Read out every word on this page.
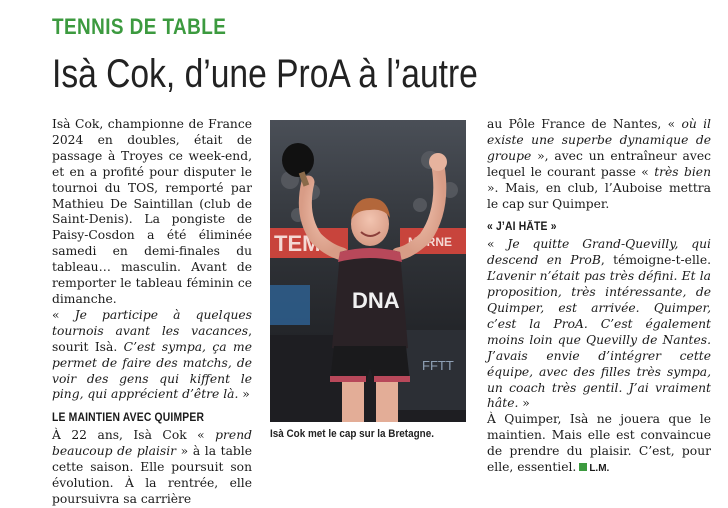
TENNIS DE TABLE
Isà Cok, d’une ProA à l’autre

Isà Cok, championne de France 2024 en doubles, était de passage à Troyes ce week-end, et en a profité pour disputer le tournoi du TOS, remporté par Mathieu De Saintillan (club de Saint-Denis). La pongiste de Paisy-Cosdon a été éliminée samedi en demi-finales du tableau… masculin. Avant de remporter le tableau féminin ce dimanche.

« Je participe à quelques tournois avant les vacances, sourit Isà. C’est sympa, ça me permet de faire des matchs, de voir des gens qui kiffent le ping, qui apprécient d’être là. »

LE MAINTIEN AVEC QUIMPER

À 22 ans, Isà Cok « prend beaucoup de plaisir » à la table cette saison. Elle poursuit son évolution. À la rentrée, elle poursuivra sa carrière

TEM	MARNE
FFTT
DNA
Isà Cok met le cap sur la Bretagne.

au Pôle France de Nantes, « où il existe une superbe dynamique de groupe », avec un entraîneur avec lequel le courant passe « très bien ». Mais, en club, l’Auboise mettra le cap sur Quimper.

« J’AI HÂTE »

« Je quitte Grand-Quevilly, qui descend en ProB, témoigne-t-elle. L’avenir n’était pas très défini. Et la proposition, très intéressante, de Quimper, est arrivée. Quimper, c’est la ProA. C’est également moins loin que Quevilly de Nantes. J’avais envie d’intégrer cette équipe, avec des filles très sympa, un coach très gentil. J’ai vraiment hâte. »

À Quimper, Isà ne jouera que le maintien. Mais elle est convaincue de prendre du plaisir. C’est, pour elle, essentiel. L.M.
